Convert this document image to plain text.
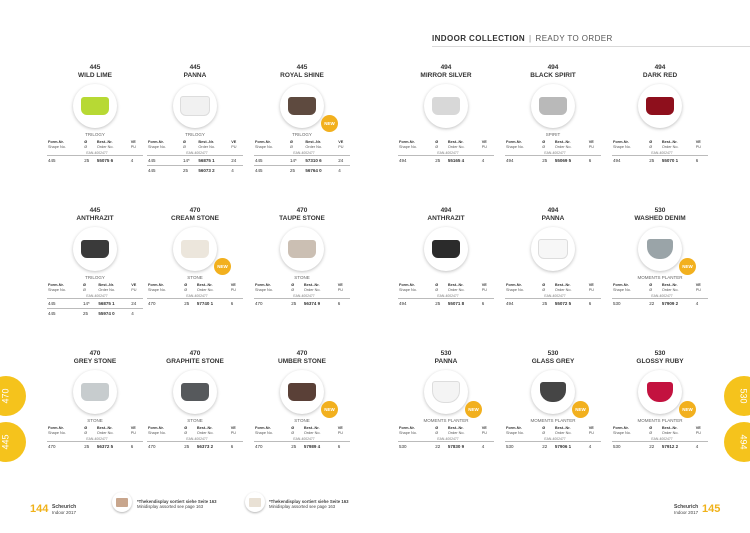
INDOOR COLLECTION | READY TO ORDER
445
WILD LIME
TRILOGY
Form-Nr.
Shape No.	Ø
Ø	Best.-Nr.
Order No.	VE
PU

EAN-4002477			

445	25	55075 6	4
445
PANNA
TRILOGY
Form-Nr.
Shape No.	Ø
Ø	Best.-Nr.
Order No.	VE
PU

EAN-4002477			

445	14*	56875 1	24
445	25	56073 2	4
445
ROYAL SHINE
NEW
TRILOGY
Form-Nr.
Shape No.	Ø
Ø	Best.-Nr.
Order No.	VE
PU

EAN-4002477			

445	14*	57310 6	24
445	25	56764 0	4
494
MIRROR SILVER
Form-Nr.
Shape No.	Ø
Ø	Best.-Nr.
Order No.	VE
PU

EAN-4002477			

494	25	55165 4	4
494
BLACK SPIRIT
SPIRIT
Form-Nr.
Shape No.	Ø
Ø	Best.-Nr.
Order No.	VE
PU

EAN-4002477			

494	25	55069 5	6
494
DARK RED
Form-Nr.
Shape No.	Ø
Ø	Best.-Nr.
Order No.	VE
PU

EAN-4002477			

494	25	55070 1	6
445
ANTHRAZIT
TRILOGY
Form-Nr.
Shape No.	Ø
Ø	Best.-Nr.
Order No.	VE
PU

EAN-4002477			

445	14*	56875 1	24
445	25	55974 0	4
470
CREAM STONE
NEW
STONE
Form-Nr.
Shape No.	Ø
Ø	Best.-Nr.
Order No.	VE
PU

EAN-4002477			

470	25	57740 1	6
470
TAUPE STONE
STONE
Form-Nr.
Shape No.	Ø
Ø	Best.-Nr.
Order No.	VE
PU

EAN-4002477			

470	25	56374 9	6
494
ANTHRAZIT
Form-Nr.
Shape No.	Ø
Ø	Best.-Nr.
Order No.	VE
PU

EAN-4002477			

494	25	55071 8	6
494
PANNA
Form-Nr.
Shape No.	Ø
Ø	Best.-Nr.
Order No.	VE
PU

EAN-4002477			

494	25	55072 5	6
530
WASHED DENIM
NEW
MOMENTS PLANTER
Form-Nr.
Shape No.	Ø
Ø	Best.-Nr.
Order No.	VE
PU

EAN-4002477			

530	22	57909 2	4
470
GREY STONE
STONE
Form-Nr.
Shape No.	Ø
Ø	Best.-Nr.
Order No.	VE
PU

EAN-4002477			

470	25	56372 5	6
470
GRAPHITE STONE
STONE
Form-Nr.
Shape No.	Ø
Ø	Best.-Nr.
Order No.	VE
PU

EAN-4002477			

470	25	56373 2	6
470
UMBER STONE
NEW
STONE
Form-Nr.
Shape No.	Ø
Ø	Best.-Nr.
Order No.	VE
PU

EAN-4002477			

470	25	57989 4	6
530
PANNA
NEW
MOMENTS PLANTER
Form-Nr.
Shape No.	Ø
Ø	Best.-Nr.
Order No.	VE
PU

EAN-4002477			

530	22	57830 9	4
530
GLASS GREY
NEW
MOMENTS PLANTER
Form-Nr.
Shape No.	Ø
Ø	Best.-Nr.
Order No.	VE
PU

EAN-4002477			

530	22	57906 1	4
530
GLOSSY RUBY
NEW
MOMENTS PLANTER
Form-Nr.
Shape No.	Ø
Ø	Best.-Nr.
Order No.	VE
PU

EAN-4002477			

530	22	57912 2	4
470
445
530
494
144 Scheurich
Indoor 2017
*Thekendisplay sortiert siehe Seite 163
Minidisplay assorted see page 163
*Thekendisplay sortiert siehe Seite 163
Minidisplay assorted see page 163	Scheurich
Indoor 2017 145
